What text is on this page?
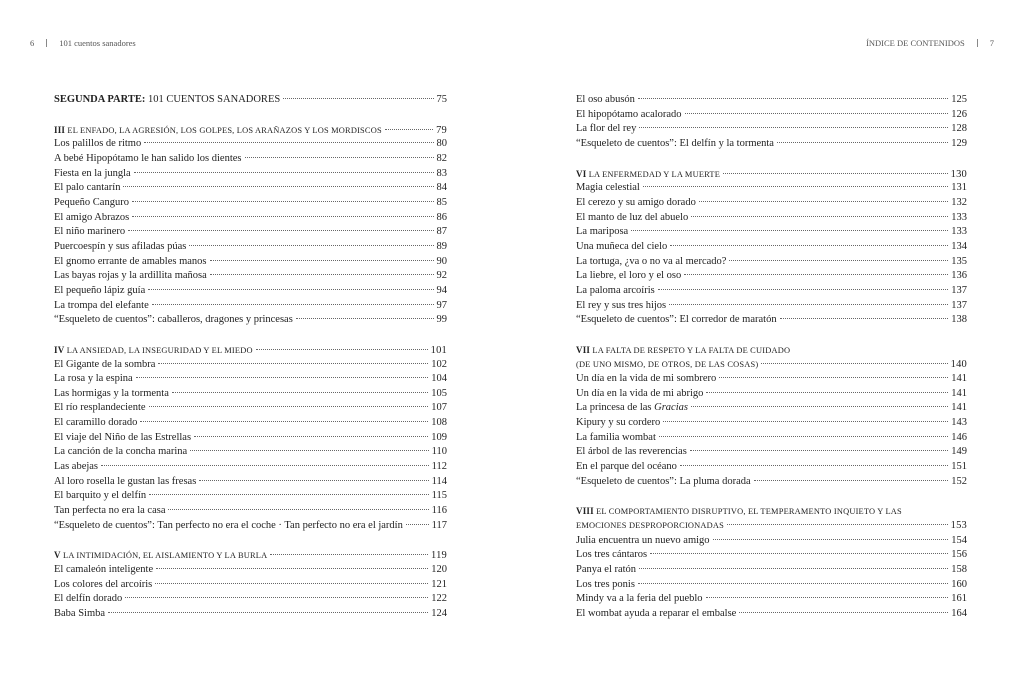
6	101 cuentos sanadores	ÍNDICE DE CONTENIDOS	7
SEGUNDA PARTE: 101 CUENTOS SANADORES	75
III EL ENFADO, LA AGRESIÓN, LOS GOLPES, LOS ARAÑAZOS Y LOS MORDISCOS	79
Los palillos de ritmo	80
A bebé Hipopótamo le han salido los dientes	82
Fiesta en la jungla	83
El palo cantarín	84
Pequeño Canguro	85
El amigo Abrazos	86
El niño marinero	87
Puercoespín y sus afiladas púas	89
El gnomo errante de amables manos	90
Las bayas rojas y la ardillita mañosa	92
El pequeño lápiz guía	94
La trompa del elefante	97
“Esqueleto de cuentos”: caballeros, dragones y princesas	99
IV LA ANSIEDAD, LA INSEGURIDAD Y EL MIEDO	101
El Gigante de la sombra	102
La rosa y la espina	104
Las hormigas y la tormenta	105
El río resplandeciente	107
El caramillo dorado	108
El viaje del Niño de las Estrellas	109
La canción de la concha marina	110
Las abejas	112
Al loro rosella le gustan las fresas	114
El barquito y el delfín	115
Tan perfecta no era la casa	116
“Esqueleto de cuentos”: Tan perfecto no era el coche · Tan perfecto no era el jardín	117
V LA INTIMIDACIÓN, EL AISLAMIENTO Y LA BURLA	119
El camaleón inteligente	120
Los colores del arcoíris	121
El delfín dorado	122
Baba Simba	124
El oso abusón	125
El hipopótamo acalorado	126
La flor del rey	128
“Esqueleto de cuentos”: El delfín y la tormenta	129
VI LA ENFERMEDAD Y LA MUERTE	130
Magia celestial	131
El cerezo y su amigo dorado	132
El manto de luz del abuelo	133
La mariposa	133
Una muñeca del cielo	134
La tortuga, ¿va o no va al mercado?	135
La liebre, el loro y el oso	136
La paloma arcoíris	137
El rey y sus tres hijos	137
“Esqueleto de cuentos”: El corredor de maratón	138
VII LA FALTA DE RESPETO Y LA FALTA DE CUIDADO
(DE UNO MISMO, DE OTROS, DE LAS COSAS)	140
Un día en la vida de mi sombrero	141
Un día en la vida de mi abrigo	141
La princesa de las Gracias	141
Kipury y su cordero	143
La familia wombat	146
El árbol de las reverencias	149
En el parque del océano	151
“Esqueleto de cuentos”: La pluma dorada	152
VIII EL COMPORTAMIENTO DISRUPTIVO, EL TEMPERAMENTO INQUIETO Y LAS
EMOCIONES DESPROPORCIONADAS	153
Julia encuentra un nuevo amigo	154
Los tres cántaros	156
Panya el ratón	158
Los tres ponis	160
Mindy va a la feria del pueblo	161
El wombat ayuda a reparar el embalse	164
